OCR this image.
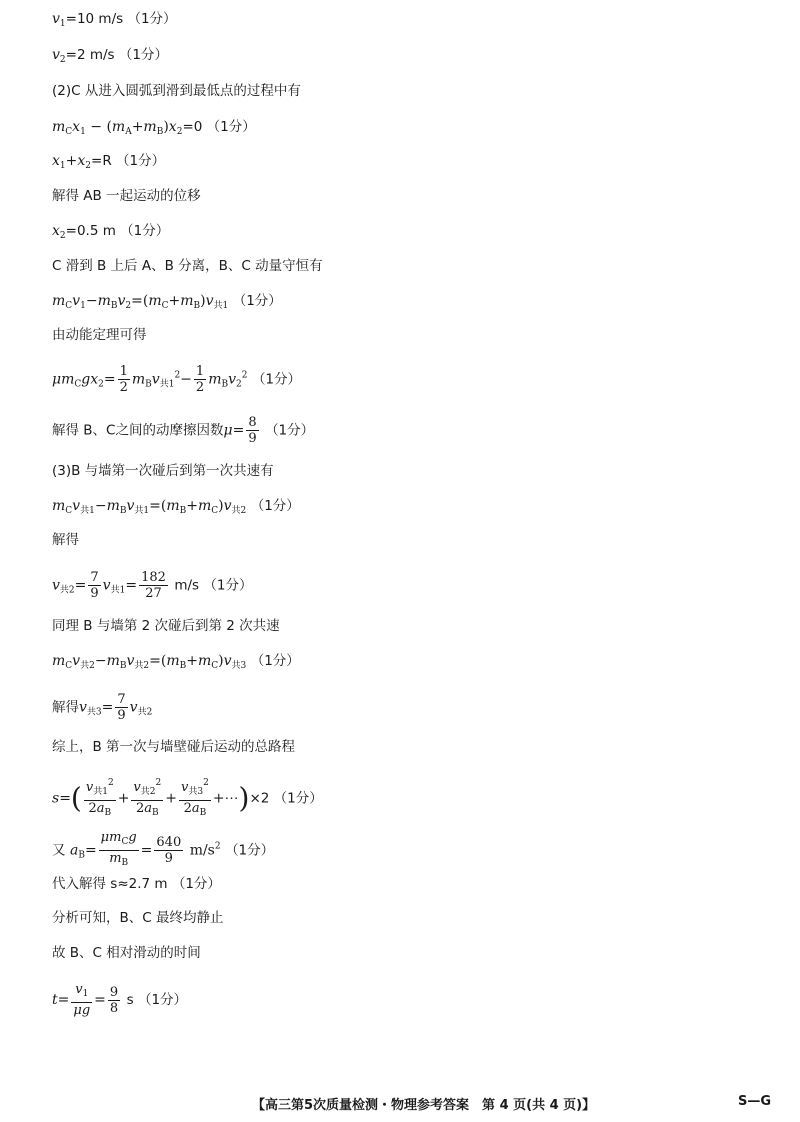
$v_1=10$ m/s （1分）
$v_2=2$ m/s （1分）
(2)C 从进入圆弧到滑到最低点的过程中有
$m_Cx_1 - (m_A+m_B)x_2=0$ （1分）
$x_1+x_2=R$ （1分）
解得 AB 一起运动的位移
$x_2=0.5$ m （1分）
C 滑到 B 上后 A、B 分离，B、C 动量守恒有
$m_Cv_1-m_Bv_2=(m_C+m_B)v_{共1}$ （1分）
由动能定理可得
$\mu m_Cgx_2= \frac{1}{2} m_Bv_{共1}^2- \frac{1}{2} m_Bv_2^2$ （1分）
解得 B、C之间的动摩擦因数$\mu= \frac{8}{9} (1$分）
(3)B 与墙第一次碰后到第一次共速有
$m_Cv_{共1}-m_Bv_{共1}=(m_B+m_C)v_{共2}$ （1分）
解得
$v_{共2}= \frac{7}{9} v_{共1}= \frac{182}{27} m/s$ （1分）
同理 B 与墙第 2 次碰后到第 2 次共速
$m_Cv_{共2}-m_Bv_{共2}=(m_B+m_C)v_{共3}$ （1分）
解得$v_{共3}= \frac{7}{9} v_{共2}$
综上，B 第一次与墙壁碰后运动的总路程
$s=( \frac{v_{共1}^2}{2a_B} + \frac{v_{共2}^2}{2a_B} + \frac{v_{共3}^2}{2a_B}$ +⋯)×2 （1分）
又 $a_B= \frac{\mu m_Cg}{m_B} = \frac{640}{9} m/s^2$ （1分）
代入解得 s≈2.7 m （1分）
分析可知，B、C 最终均静止
故 B、C 相对滑动的时间
$t= \frac{v_1}{\mu g} = \frac{9}{8}$ s （1分）
【高三第5次质量检测・物理参考答案　第 4 页(共 4 页)】	S—G
